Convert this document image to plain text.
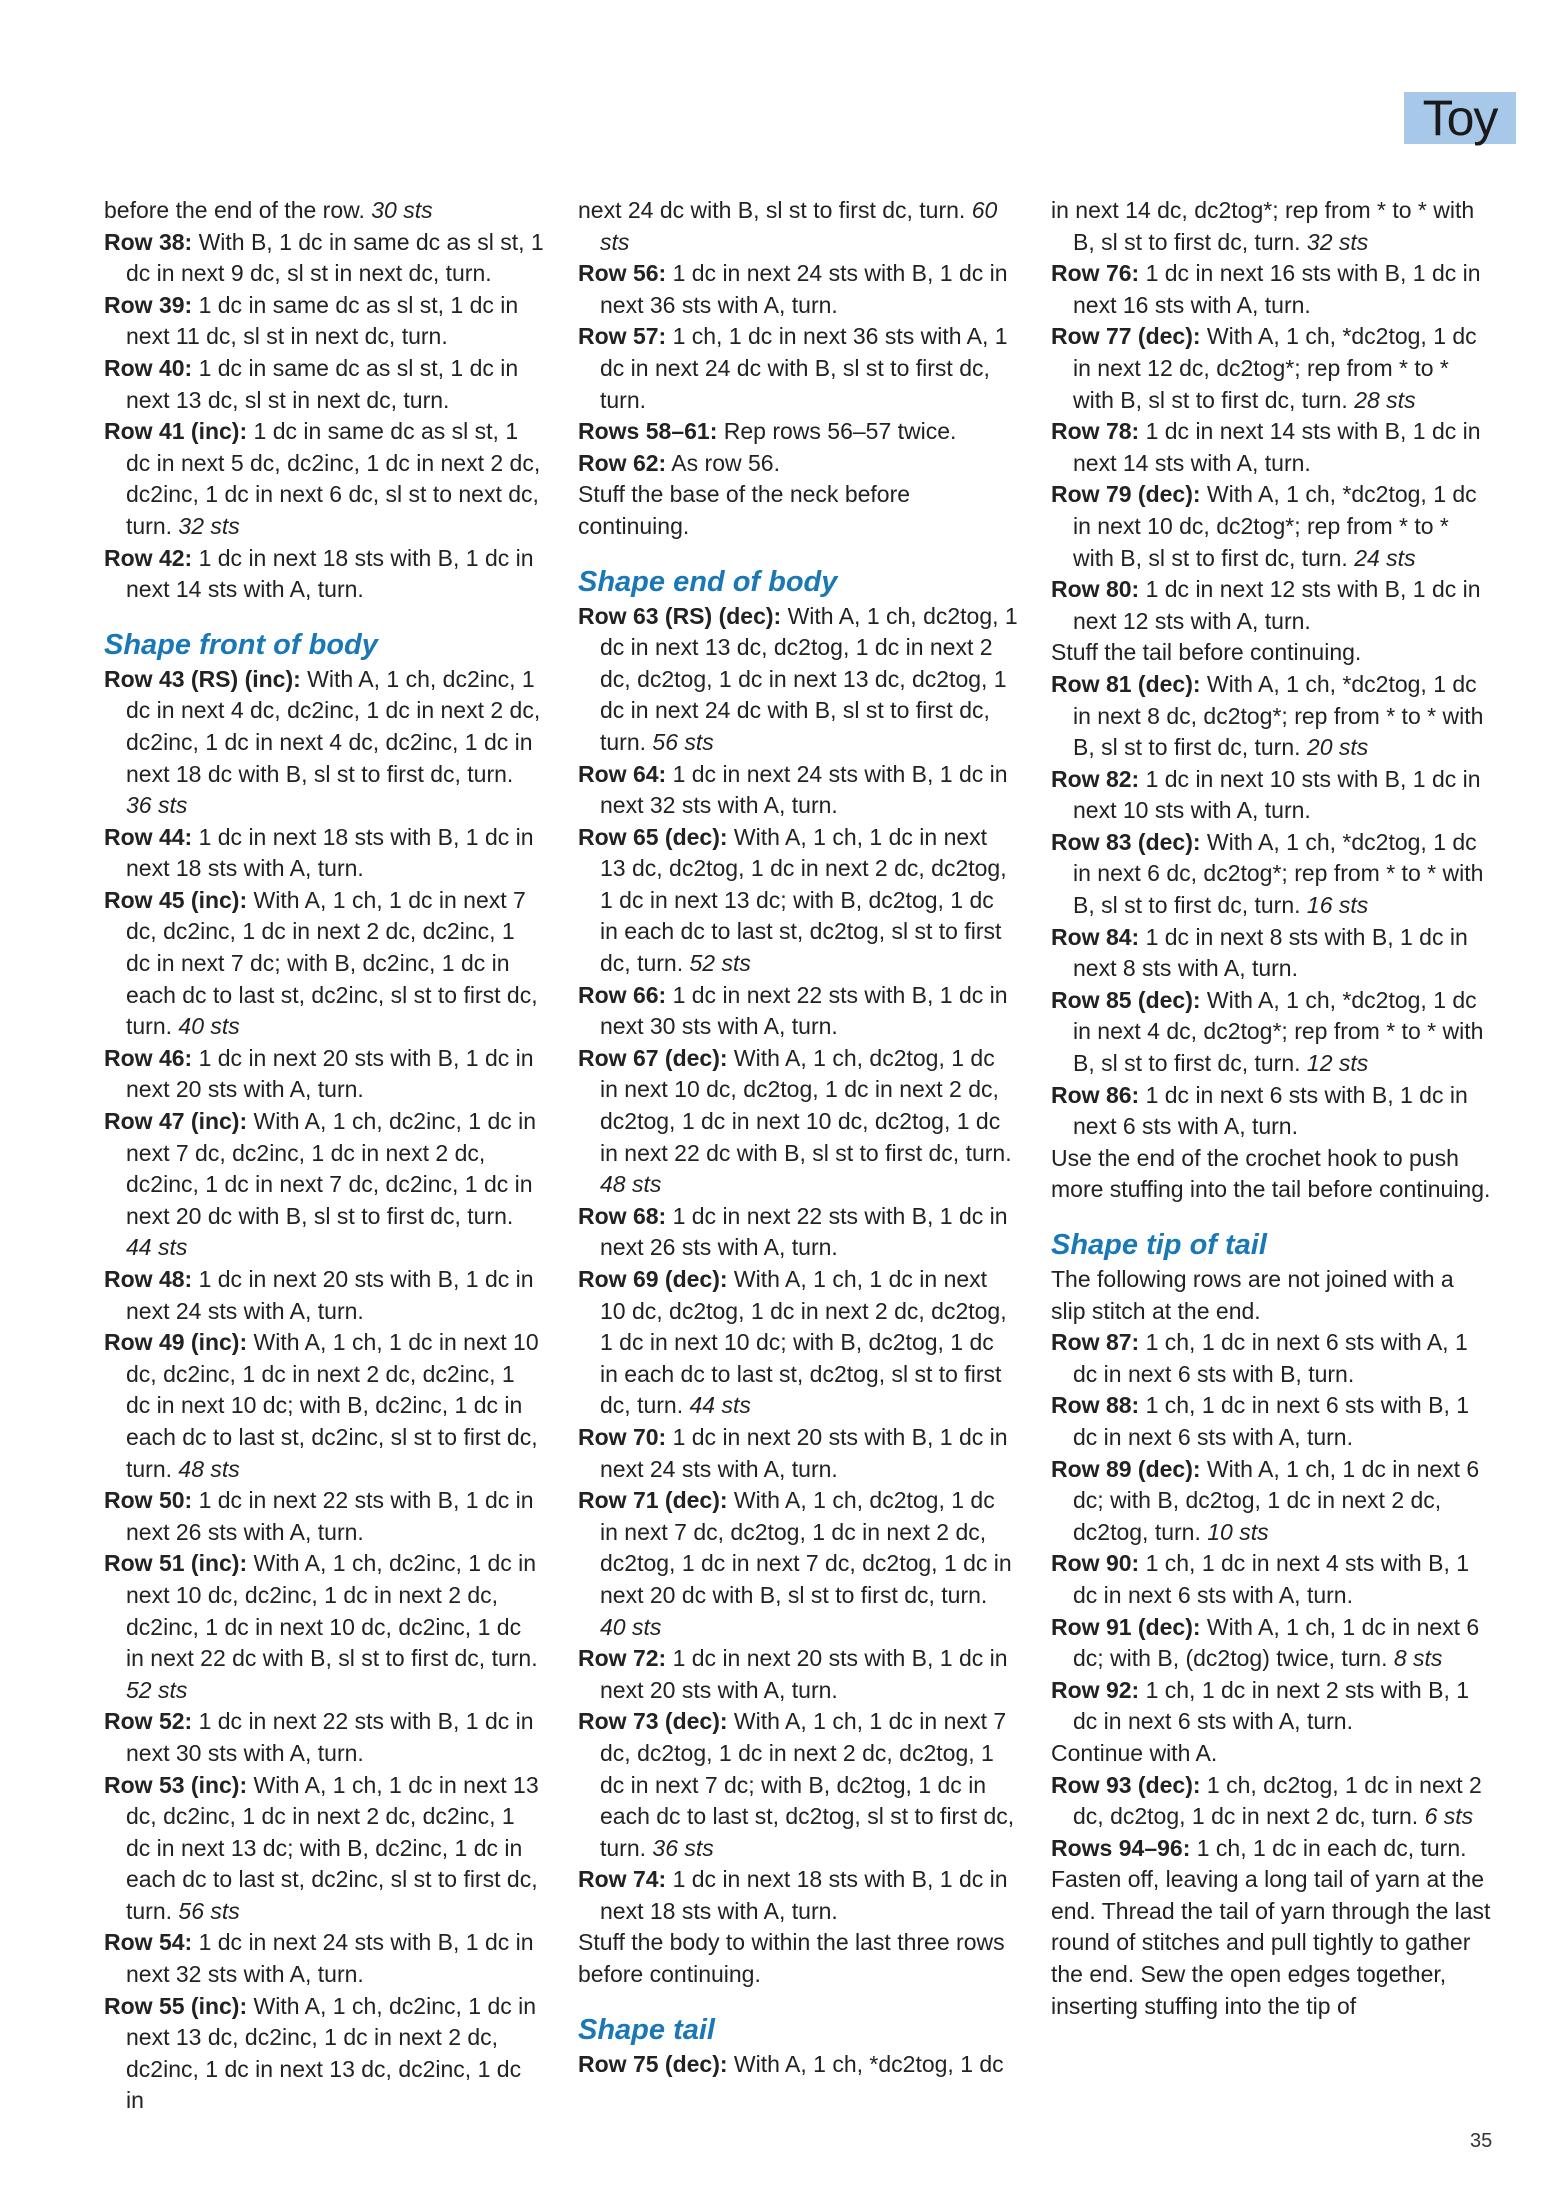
Toy
before the end of the row. 30 sts
Row 38: With B, 1 dc in same dc as sl st, 1 dc in next 9 dc, sl st in next dc, turn.
Row 39: 1 dc in same dc as sl st, 1 dc in next 11 dc, sl st in next dc, turn.
Row 40: 1 dc in same dc as sl st, 1 dc in next 13 dc, sl st in next dc, turn.
Row 41 (inc): 1 dc in same dc as sl st, 1 dc in next 5 dc, dc2inc, 1 dc in next 2 dc, dc2inc, 1 dc in next 6 dc, sl st to next dc, turn. 32 sts
Row 42: 1 dc in next 18 sts with B, 1 dc in next 14 sts with A, turn.
Shape front of body
Row 43 (RS) (inc): With A, 1 ch, dc2inc, 1 dc in next 4 dc, dc2inc, 1 dc in next 2 dc, dc2inc, 1 dc in next 4 dc, dc2inc, 1 dc in next 18 dc with B, sl st to first dc, turn. 36 sts
Row 44: 1 dc in next 18 sts with B, 1 dc in next 18 sts with A, turn.
Row 45 (inc): With A, 1 ch, 1 dc in next 7 dc, dc2inc, 1 dc in next 2 dc, dc2inc, 1 dc in next 7 dc; with B, dc2inc, 1 dc in each dc to last st, dc2inc, sl st to first dc, turn. 40 sts
Row 46: 1 dc in next 20 sts with B, 1 dc in next 20 sts with A, turn.
Row 47 (inc): With A, 1 ch, dc2inc, 1 dc in next 7 dc, dc2inc, 1 dc in next 2 dc, dc2inc, 1 dc in next 7 dc, dc2inc, 1 dc in next 20 dc with B, sl st to first dc, turn. 44 sts
Row 48: 1 dc in next 20 sts with B, 1 dc in next 24 sts with A, turn.
Row 49 (inc): With A, 1 ch, 1 dc in next 10 dc, dc2inc, 1 dc in next 2 dc, dc2inc, 1 dc in next 10 dc; with B, dc2inc, 1 dc in each dc to last st, dc2inc, sl st to first dc, turn. 48 sts
Row 50: 1 dc in next 22 sts with B, 1 dc in next 26 sts with A, turn.
Row 51 (inc): With A, 1 ch, dc2inc, 1 dc in next 10 dc, dc2inc, 1 dc in next 2 dc, dc2inc, 1 dc in next 10 dc, dc2inc, 1 dc in next 22 dc with B, sl st to first dc, turn. 52 sts
Row 52: 1 dc in next 22 sts with B, 1 dc in next 30 sts with A, turn.
Row 53 (inc): With A, 1 ch, 1 dc in next 13 dc, dc2inc, 1 dc in next 2 dc, dc2inc, 1 dc in next 13 dc; with B, dc2inc, 1 dc in each dc to last st, dc2inc, sl st to first dc, turn. 56 sts
Row 54: 1 dc in next 24 sts with B, 1 dc in next 32 sts with A, turn.
Row 55 (inc): With A, 1 ch, dc2inc, 1 dc in next 13 dc, dc2inc, 1 dc in next 2 dc, dc2inc, 1 dc in next 13 dc, dc2inc, 1 dc in
next 24 dc with B, sl st to first dc, turn. 60 sts
Row 56: 1 dc in next 24 sts with B, 1 dc in next 36 sts with A, turn.
Row 57: 1 ch, 1 dc in next 36 sts with A, 1 dc in next 24 dc with B, sl st to first dc, turn.
Rows 58–61: Rep rows 56–57 twice.
Row 62: As row 56.
Stuff the base of the neck before continuing.
Shape end of body
Row 63 (RS) (dec): With A, 1 ch, dc2tog, 1 dc in next 13 dc, dc2tog, 1 dc in next 2 dc, dc2tog, 1 dc in next 13 dc, dc2tog, 1 dc in next 24 dc with B, sl st to first dc, turn. 56 sts
Row 64: 1 dc in next 24 sts with B, 1 dc in next 32 sts with A, turn.
Row 65 (dec): With A, 1 ch, 1 dc in next 13 dc, dc2tog, 1 dc in next 2 dc, dc2tog, 1 dc in next 13 dc; with B, dc2tog, 1 dc in each dc to last st, dc2tog, sl st to first dc, turn. 52 sts
Row 66: 1 dc in next 22 sts with B, 1 dc in next 30 sts with A, turn.
Row 67 (dec): With A, 1 ch, dc2tog, 1 dc in next 10 dc, dc2tog, 1 dc in next 2 dc, dc2tog, 1 dc in next 10 dc, dc2tog, 1 dc in next 22 dc with B, sl st to first dc, turn. 48 sts
Row 68: 1 dc in next 22 sts with B, 1 dc in next 26 sts with A, turn.
Row 69 (dec): With A, 1 ch, 1 dc in next 10 dc, dc2tog, 1 dc in next 2 dc, dc2tog, 1 dc in next 10 dc; with B, dc2tog, 1 dc in each dc to last st, dc2tog, sl st to first dc, turn. 44 sts
Row 70: 1 dc in next 20 sts with B, 1 dc in next 24 sts with A, turn.
Row 71 (dec): With A, 1 ch, dc2tog, 1 dc in next 7 dc, dc2tog, 1 dc in next 2 dc, dc2tog, 1 dc in next 7 dc, dc2tog, 1 dc in next 20 dc with B, sl st to first dc, turn. 40 sts
Row 72: 1 dc in next 20 sts with B, 1 dc in next 20 sts with A, turn.
Row 73 (dec): With A, 1 ch, 1 dc in next 7 dc, dc2tog, 1 dc in next 2 dc, dc2tog, 1 dc in next 7 dc; with B, dc2tog, 1 dc in each dc to last st, dc2tog, sl st to first dc, turn. 36 sts
Row 74: 1 dc in next 18 sts with B, 1 dc in next 18 sts with A, turn.
Stuff the body to within the last three rows before continuing.
Shape tail
Row 75 (dec): With A, 1 ch, *dc2tog, 1 dc
in next 14 dc, dc2tog*; rep from * to * with B, sl st to first dc, turn. 32 sts
Row 76: 1 dc in next 16 sts with B, 1 dc in next 16 sts with A, turn.
Row 77 (dec): With A, 1 ch, *dc2tog, 1 dc in next 12 dc, dc2tog*; rep from * to * with B, sl st to first dc, turn. 28 sts
Row 78: 1 dc in next 14 sts with B, 1 dc in next 14 sts with A, turn.
Row 79 (dec): With A, 1 ch, *dc2tog, 1 dc in next 10 dc, dc2tog*; rep from * to * with B, sl st to first dc, turn. 24 sts
Row 80: 1 dc in next 12 sts with B, 1 dc in next 12 sts with A, turn.
Stuff the tail before continuing.
Row 81 (dec): With A, 1 ch, *dc2tog, 1 dc in next 8 dc, dc2tog*; rep from * to * with B, sl st to first dc, turn. 20 sts
Row 82: 1 dc in next 10 sts with B, 1 dc in next 10 sts with A, turn.
Row 83 (dec): With A, 1 ch, *dc2tog, 1 dc in next 6 dc, dc2tog*; rep from * to * with B, sl st to first dc, turn. 16 sts
Row 84: 1 dc in next 8 sts with B, 1 dc in next 8 sts with A, turn.
Row 85 (dec): With A, 1 ch, *dc2tog, 1 dc in next 4 dc, dc2tog*; rep from * to * with B, sl st to first dc, turn. 12 sts
Row 86: 1 dc in next 6 sts with B, 1 dc in next 6 sts with A, turn.
Use the end of the crochet hook to push more stuffing into the tail before continuing.
Shape tip of tail
The following rows are not joined with a slip stitch at the end.
Row 87: 1 ch, 1 dc in next 6 sts with A, 1 dc in next 6 sts with B, turn.
Row 88: 1 ch, 1 dc in next 6 sts with B, 1 dc in next 6 sts with A, turn.
Row 89 (dec): With A, 1 ch, 1 dc in next 6 dc; with B, dc2tog, 1 dc in next 2 dc, dc2tog, turn. 10 sts
Row 90: 1 ch, 1 dc in next 4 sts with B, 1 dc in next 6 sts with A, turn.
Row 91 (dec): With A, 1 ch, 1 dc in next 6 dc; with B, (dc2tog) twice, turn. 8 sts
Row 92: 1 ch, 1 dc in next 2 sts with B, 1 dc in next 6 sts with A, turn.
Continue with A.
Row 93 (dec): 1 ch, dc2tog, 1 dc in next 2 dc, dc2tog, 1 dc in next 2 dc, turn. 6 sts
Rows 94–96: 1 ch, 1 dc in each dc, turn.
Fasten off, leaving a long tail of yarn at the end. Thread the tail of yarn through the last round of stitches and pull tightly to gather the end. Sew the open edges together, inserting stuffing into the tip of
35
